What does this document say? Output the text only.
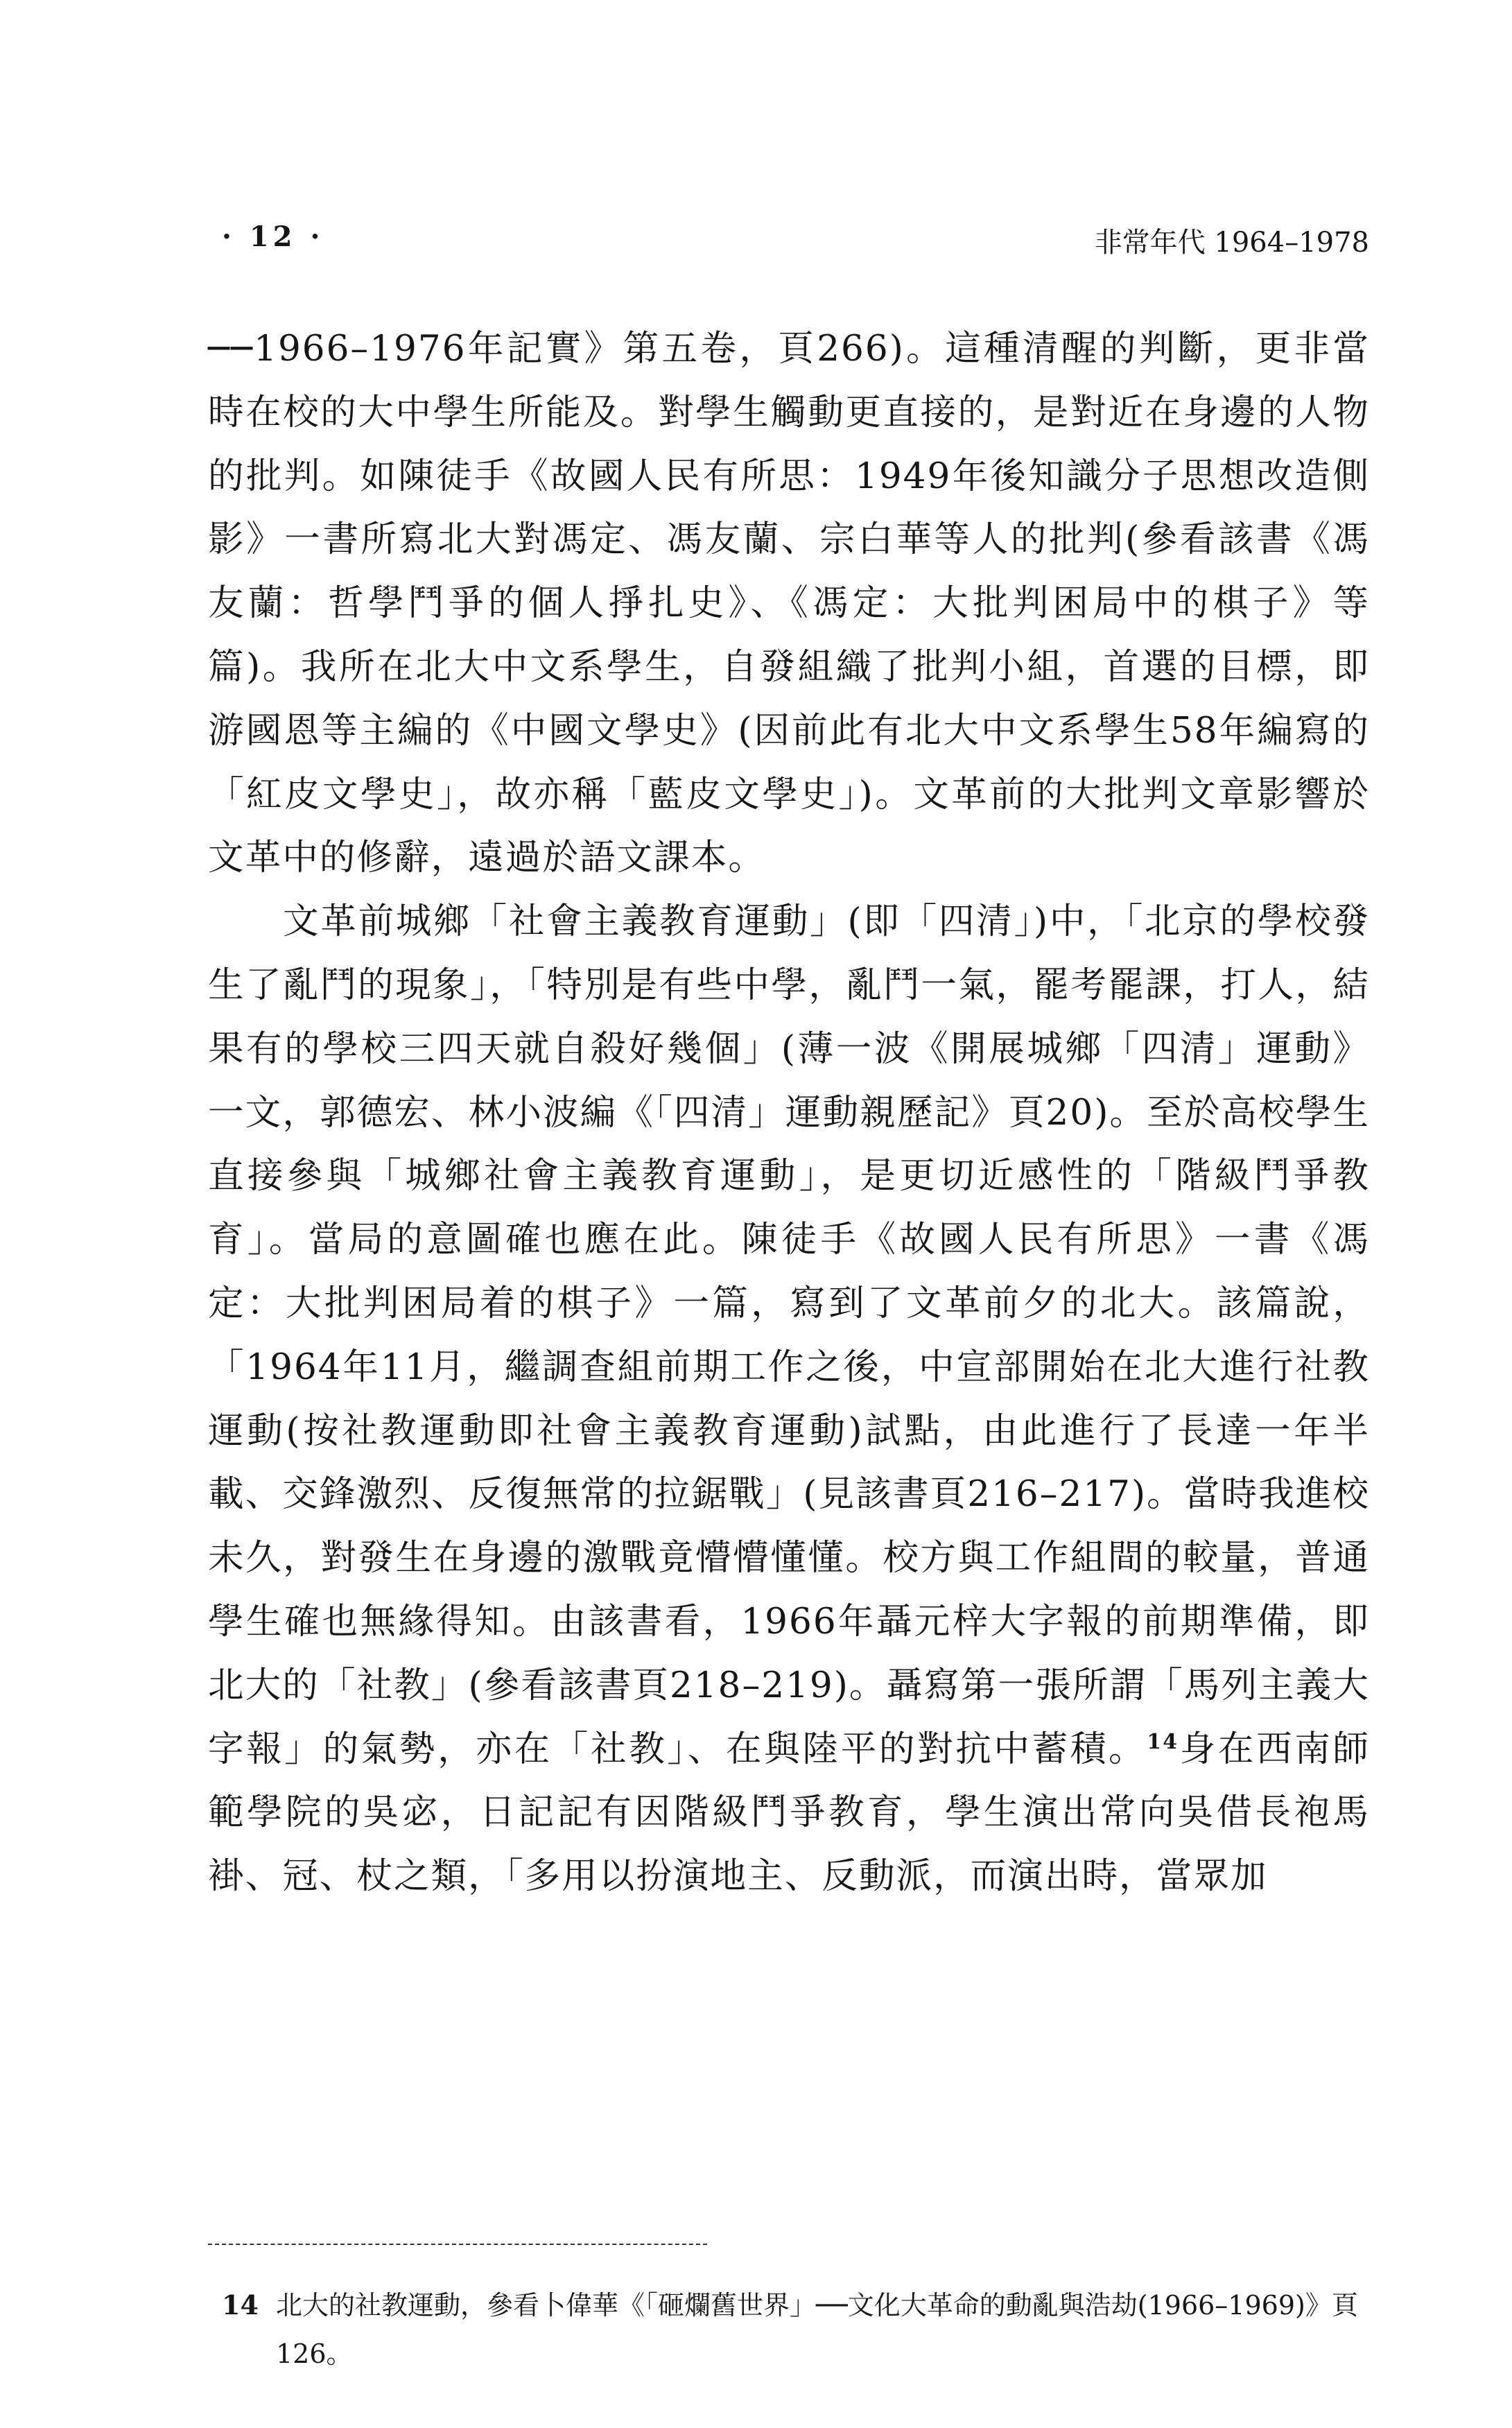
· 12 ·	非常年代 1964–1978

──1966–1976年記實》第五卷，頁266)。這種清醒的判斷，更非當時在校的大中學生所能及。對學生觸動更直接的，是對近在身邊的人物的批判。如陳徒手《故國人民有所思：1949年後知識分子思想改造側影》一書所寫北大對馮定、馮友蘭、宗白華等人的批判(參看該書《馮友蘭：哲學鬥爭的個人掙扎史》、《馮定：大批判困局中的棋子》等篇)。我所在北大中文系學生，自發組織了批判小組，首選的目標，即游國恩等主編的《中國文學史》(因前此有北大中文系學生58年編寫的「紅皮文學史」，故亦稱「藍皮文學史」)。文革前的大批判文章影響於文革中的修辭，遠過於語文課本。

文革前城鄉「社會主義教育運動」(即「四清」)中，「北京的學校發生了亂鬥的現象」，「特別是有些中學，亂鬥一氣，罷考罷課，打人，結果有的學校三四天就自殺好幾個」(薄一波《開展城鄉「四清」運動》一文，郭德宏、林小波編《「四清」運動親歷記》頁20)。至於高校學生直接參與「城鄉社會主義教育運動」，是更切近感性的「階級鬥爭教育」。當局的意圖確也應在此。陳徒手《故國人民有所思》一書《馮定：大批判困局着的棋子》一篇，寫到了文革前夕的北大。該篇說，「1964年11月，繼調查組前期工作之後，中宣部開始在北大進行社教運動(按社教運動即社會主義教育運動)試點，由此進行了長達一年半載、交鋒激烈、反復無常的拉鋸戰」(見該書頁216–217)。當時我進校未久，對發生在身邊的激戰竟懵懵懂懂。校方與工作組間的較量，普通學生確也無緣得知。由該書看，1966年聶元梓大字報的前期準備，即北大的「社教」(參看該書頁218–219)。聶寫第一張所謂「馬列主義大字報」的氣勢，亦在「社教」、在與陸平的對抗中蓄積。$^{14}$身在西南師範學院的吳宓，日記記有因階級鬥爭教育，學生演出常向吳借長袍馬褂、冠、杖之類，「多用以扮演地主、反動派，而演出時，當眾加

14 北大的社教運動，參看卜偉華《「砸爛舊世界」──文化大革命的動亂與浩劫(1966–1969)》頁126。
